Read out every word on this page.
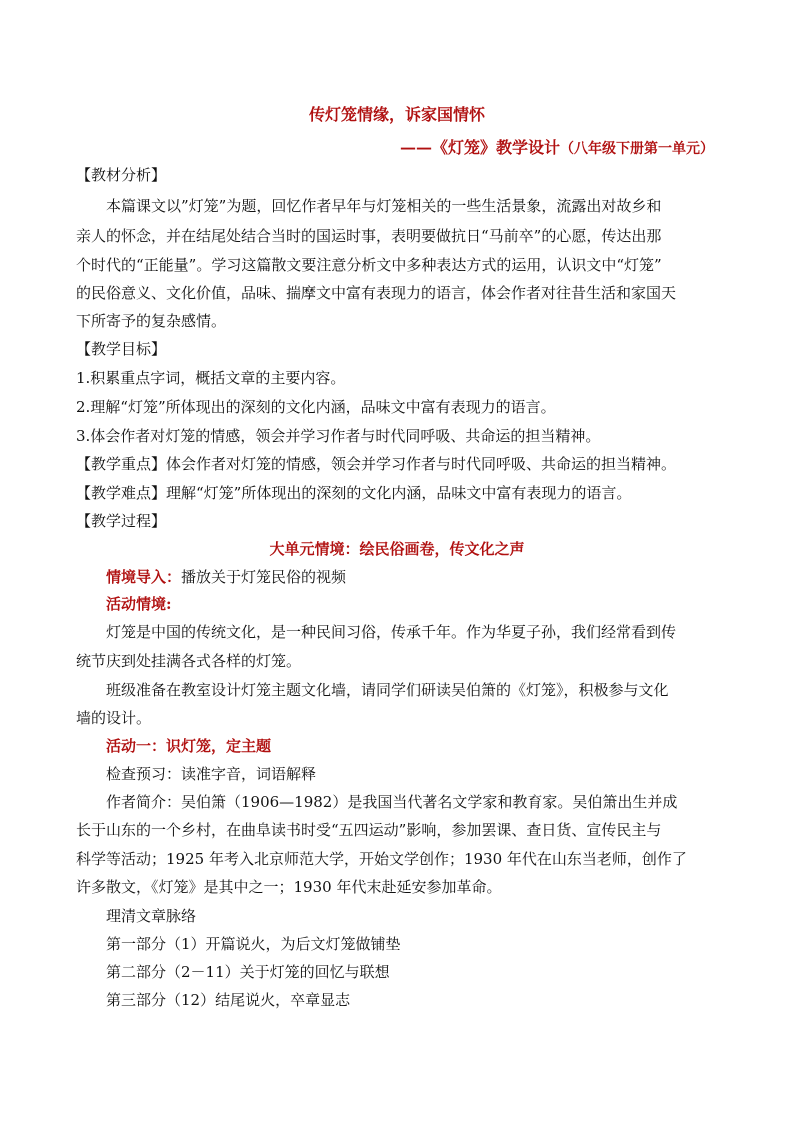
传灯笼情缘，诉家国情怀
——《灯笼》教学设计（八年级下册第一单元）
【教材分析】
本篇课文以”灯笼”为题，回忆作者早年与灯笼相关的一些生活景象，流露出对故乡和
亲人的怀念，并在结尾处结合当时的国运时事，表明要做抗日“马前卒”的心愿，传达出那
个时代的“正能量”。学习这篇散文要注意分析文中多种表达方式的运用，认识文中“灯笼”
的民俗意义、文化价值，品味、揣摩文中富有表现力的语言，体会作者对往昔生活和家国天
下所寄予的复杂感情。
【教学目标】
1.积累重点字词，概括文章的主要内容。
2.理解“灯笼”所体现出的深刻的文化内涵，品味文中富有表现力的语言。
3.体会作者对灯笼的情感，领会并学习作者与时代同呼吸、共命运的担当精神。
【教学重点】体会作者对灯笼的情感，领会并学习作者与时代同呼吸、共命运的担当精神。
【教学难点】理解“灯笼”所体现出的深刻的文化内涵，品味文中富有表现力的语言。
【教学过程】
大单元情境：绘民俗画卷，传文化之声
情境导入：播放关于灯笼民俗的视频
活动情境:
灯笼是中国的传统文化，是一种民间习俗，传承千年。作为华夏子孙，我们经常看到传
统节庆到处挂满各式各样的灯笼。
班级准备在教室设计灯笼主题文化墙，请同学们研读吴伯箫的《灯笼》，积极参与文化
墙的设计。
活动一：识灯笼，定主题
检查预习：读准字音，词语解释
作者简介：吴伯箫（1906—1982）是我国当代著名文学家和教育家。吴伯箫出生并成
长于山东的一个乡村，在曲阜读书时受“五四运动”影响，参加罢课、查日货、宣传民主与
科学等活动；1925 年考入北京师范大学，开始文学创作；1930 年代在山东当老师，创作了
许多散文，《灯笼》是其中之一；1930 年代末赴延安参加革命。
理清文章脉络
第一部分（1）开篇说火，为后文灯笼做铺垫
第二部分（2－11）关于灯笼的回忆与联想
第三部分（12）结尾说火，卒章显志
